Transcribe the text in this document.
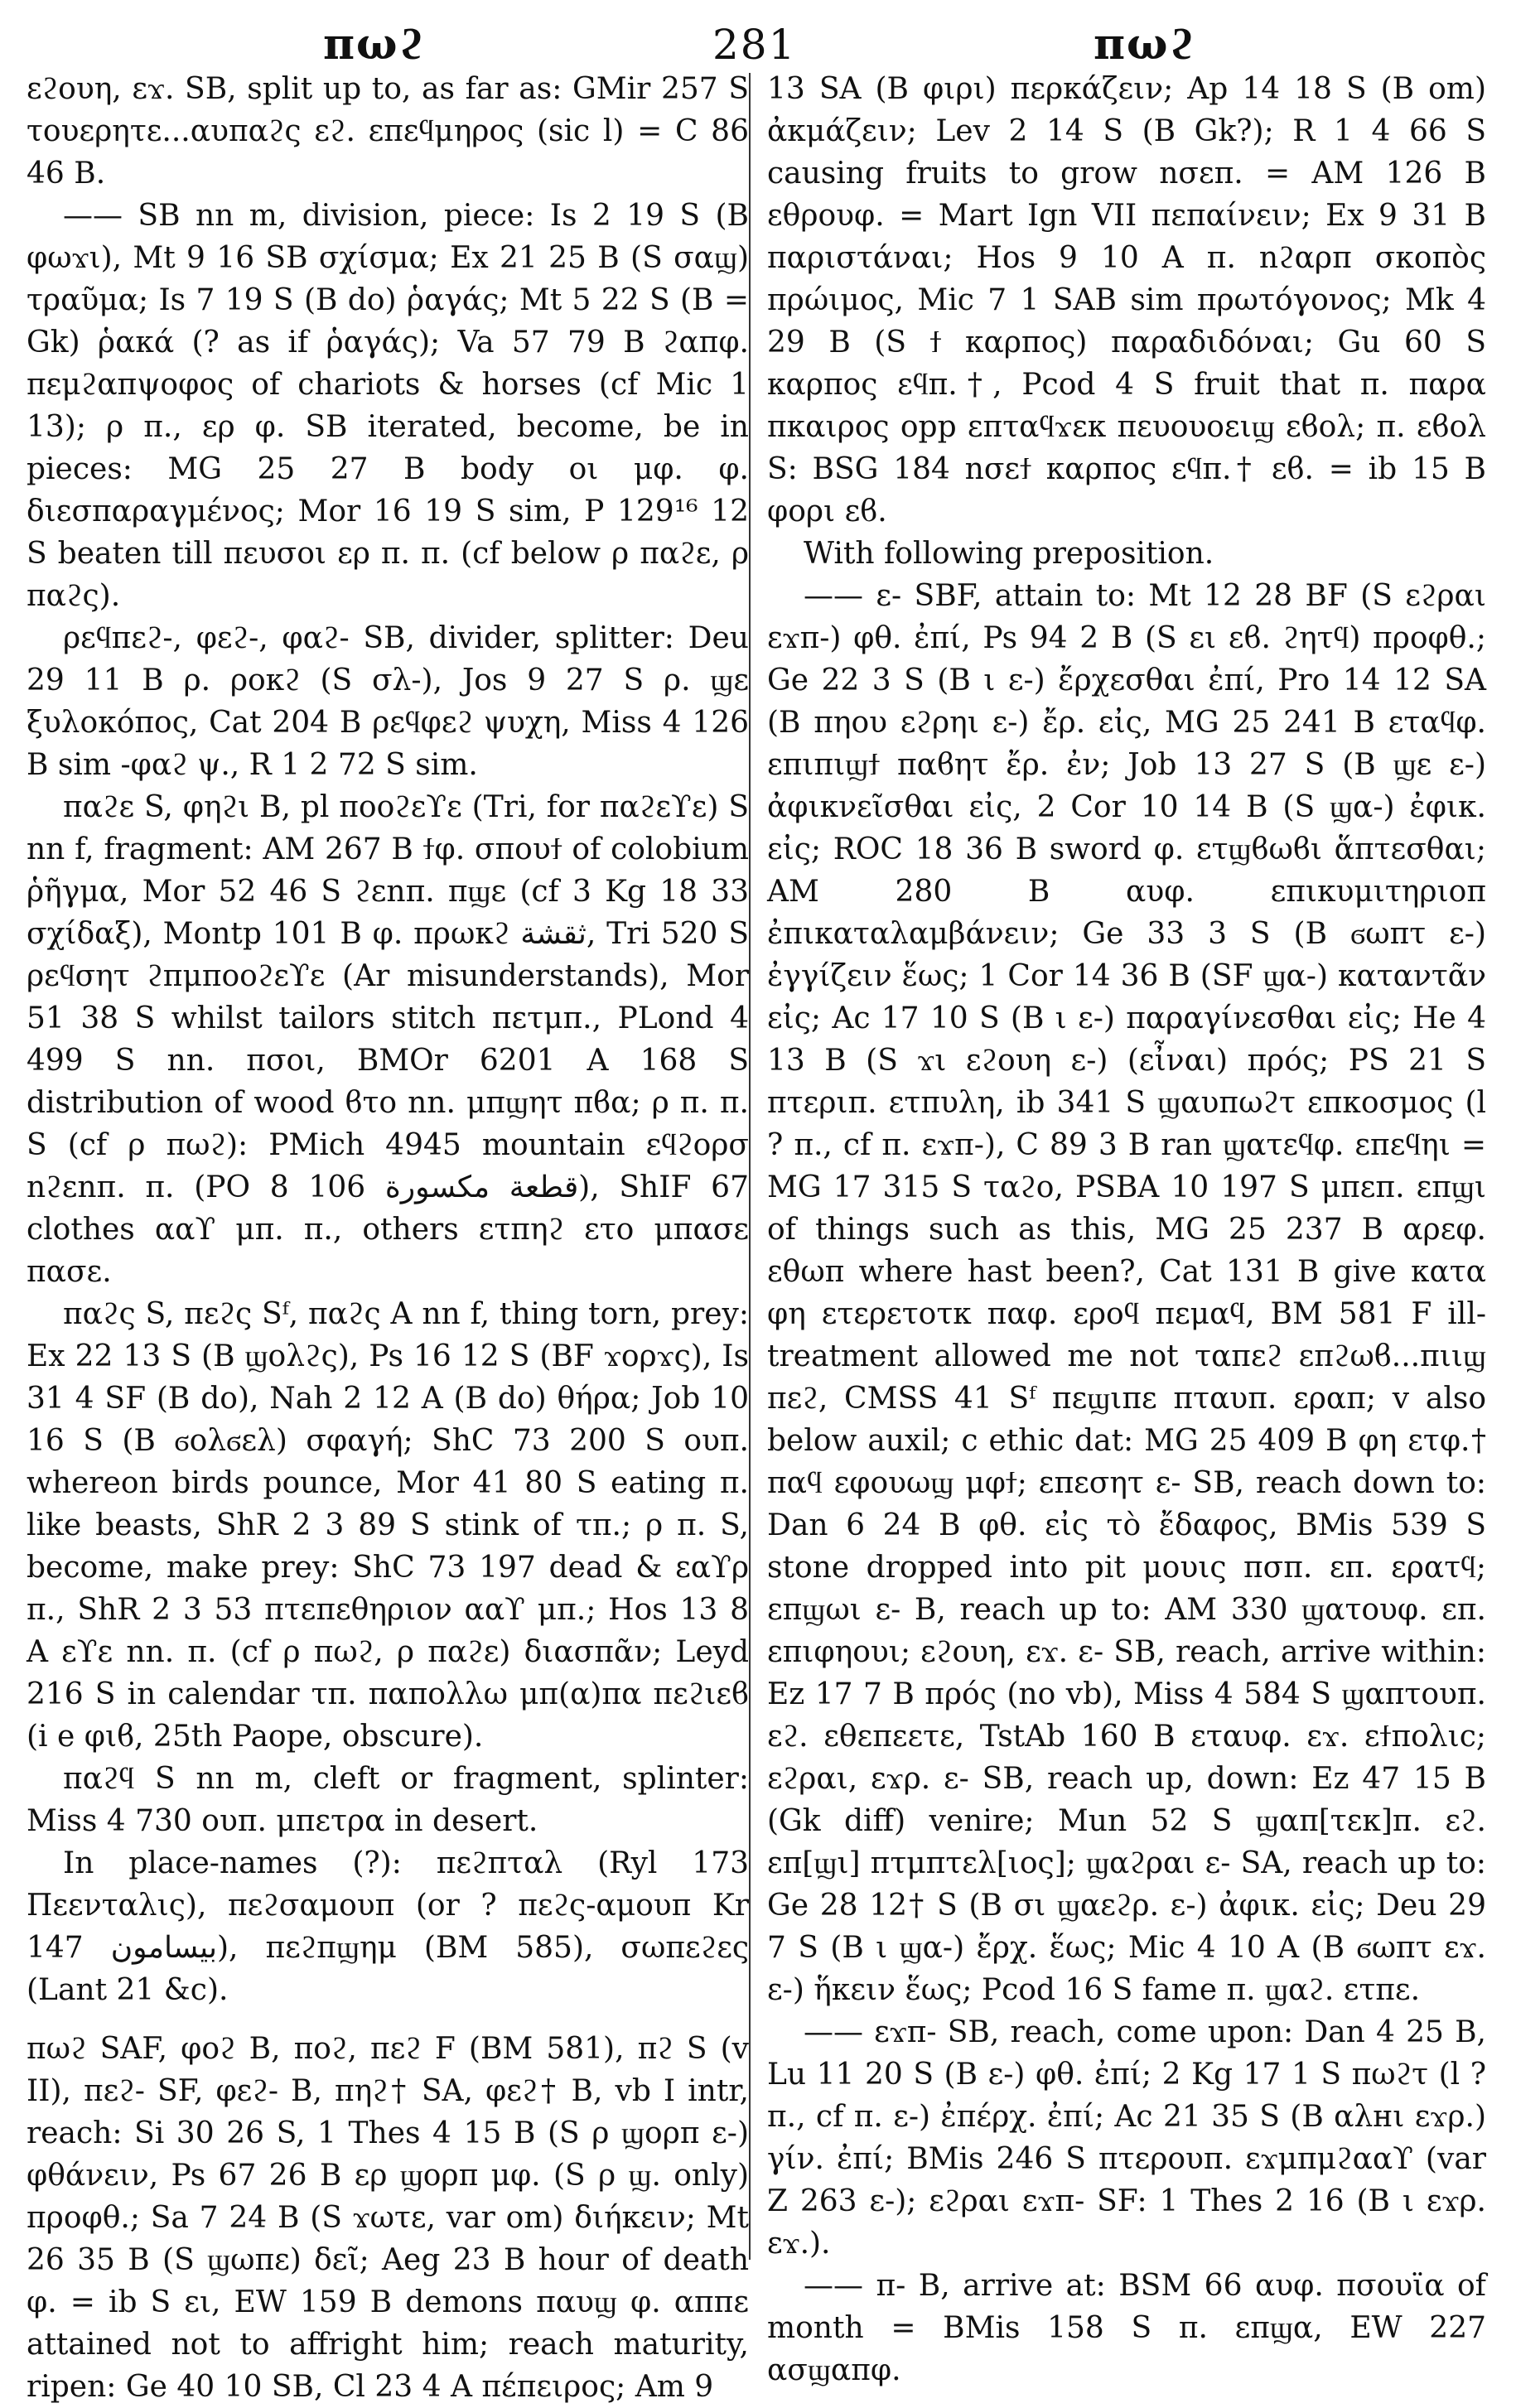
πωϩ	281	πωϩ

εϩουη, εϫ. SB, split up to, as far as: GMir 257 S τουερητε...αυπαϩς εϩ. επεϥμηρος (sic l) = C 86 46 B.

—— SB nn m, division, piece: Is 2 19 S (B φωϫι), Mt 9 16 SB σχίσμα; Ex 21 25 B (S σαϣ) τραῦμα; Is 7 19 S (B do) ῥαγάς; Mt 5 22 S (B = Gk) ῥακά (? as if ῥαγάς); Va 57 79 B ϩαπφ. πεμϩαπψοφος of chariots & horses (cf Mic 1 13); ρ π., ερ φ. SB iterated, become, be in pieces: MG 25 27 B body οι μφ. φ. διεσπαραγμένος; Mor 16 19 S sim, P 129¹⁶ 12 S beaten till πευσοι ερ π. π. (cf below ρ παϩε, ρ παϩς).

ρεϥπεϩ-, φεϩ-, φαϩ- SB, divider, splitter: Deu 29 11 B ρ. ροκϩ (S σλ-), Jos 9 27 S ρ. ϣε ξυλοκόπος, Cat 204 B ρεϥφεϩ ψυχη, Miss 4 126 B sim -φαϩ ψ., R 1 2 72 S sim.

παϩε S, φηϩι B, pl ποοϩεϒε (Tri, for παϩεϒε) S nn f, fragment: AM 267 B ϯφ. σπουϯ of colobium ῥῆγμα, Mor 52 46 S ϩεnπ. πϣε (cf 3 Kg 18 33 σχίδαξ), Montp 101 B φ. πρωκϩ ثقشة, Tri 520 S ρεϥσητ ϩπμποοϩεϒε (Ar misunderstands), Mor 51 38 S whilst tailors stitch πετμπ., PLond 4 499 S nn. πσοι, BMOr 6201 A 168 S distribution of wood ϐτο nn. μπϣητ πϐα; ρ π. π. S (cf ρ πωϩ): PMich 4945 mountain εϥϩορσ nϩεnπ. π. (PO 8 106 قطعة مكسورة), ShIF 67 clothes ααϒ μπ. π., others ετπηϩ ετο μπασε πασε.

παϩς S, πεϩς Sᶠ, παϩς A nn f, thing torn, prey: Ex 22 13 S (B ϣολϩς), Ps 16 12 S (BF ϫορϫς), Is 31 4 SF (B do), Nah 2 12 A (B do) θήρα; Job 10 16 S (B ϭολϭελ) σφαγή; ShC 73 200 S ουπ. whereon birds pounce, Mor 41 80 S eating π. like beasts, ShR 2 3 89 S stink of τπ.; ρ π. S, become, make prey: ShC 73 197 dead & εαϒρ π., ShR 2 3 53 πτεπεθηριον ααϒ μπ.; Hos 13 8 A εϒε nn. π. (cf ρ πωϩ, ρ παϩε) διασπᾶν; Leyd 216 S in calendar τπ. παπολλω μπ(α)πα πεϩιεϐ (i e φιϐ, 25th Paope, obscure).

παϩϥ S nn m, cleft or fragment, splinter: Miss 4 730 ουπ. μπετρα in desert.

In place-names (?): πεϩπταλ (Ryl 173 Πεενταλις), πεϩσαμουπ (or ? πεϩς-αμουπ Kr 147 بيسامون), πεϩπϣημ (BM 585), σωπεϩες (Lant 21 &c).

πωϩ SAF, φοϩ B, ποϩ, πεϩ F (BM 581), πϩ S (v II), πεϩ- SF, φεϩ- B, πηϩ† SA, φεϩ† B, vb I intr, reach: Si 30 26 S, 1 Thes 4 15 B (S ρ ϣορπ ε-) φθάνειν, Ps 67 26 B ερ ϣορπ μφ. (S ρ ϣ. only) προφθ.; Sa 7 24 B (S ϫωτε, var om) διήκειν; Mt 26 35 B (S ϣωπε) δεῖ; Aeg 23 B hour of death φ. = ib S ει, EW 159 B demons παυϣ φ. αππε attained not to affright him; reach maturity, ripen: Ge 40 10 SB, Cl 23 4 A πέπειρος; Am 9

13 SA (B φιρι) περκάζειν; Ap 14 18 S (B om) ἀκμάζειν; Lev 2 14 S (B Gk?); R 1 4 66 S causing fruits to grow nσεπ. = AM 126 B εθρουφ. = Mart Ign VII πεπαίνειν; Ex 9 31 B παριστάναι; Hos 9 10 A π. nϩαρπ σκοπὸς πρώιμος, Mic 7 1 SAB sim πρωτόγονος; Mk 4 29 B (S ϯ καρπος) παραδιδόναι; Gu 60 S καρπος εϥπ.†, Pcod 4 S fruit that π. παρα πκαιρος opp επταϥϫεκ πευουοειϣ εϐολ; π. εϐολ S: BSG 184 nσεϯ καρπος εϥπ.† εϐ. = ib 15 B φορι εϐ.

With following preposition.

—— ε- SBF, attain to: Mt 12 28 BF (S εϩραι εϫπ-) φθ. ἐπί, Ps 94 2 B (S ει εϐ. ϩητϥ) προφθ.; Ge 22 3 S (B ι ε-) ἔρχεσθαι ἐπί, Pro 14 12 SA (B πηου εϩρηι ε-) ἔρ. εἰς, MG 25 241 B εταϥφ. επιπιϣϯ παϐητ ἔρ. ἐν; Job 13 27 S (B ϣε ε-) ἀφικνεῖσθαι εἰς, 2 Cor 10 14 B (S ϣα-) ἐφικ. εἰς; ROC 18 36 B sword φ. ετϣϐωϐι ἅπτεσθαι; AM 280 B αυφ. επικυμιτηριοπ ἐπικαταλαμβάνειν; Ge 33 3 S (B ϭωπτ ε-) ἐγγίζειν ἕως; 1 Cor 14 36 B (SF ϣα-) καταντᾶν εἰς; Ac 17 10 S (B ι ε-) παραγίνεσθαι εἰς; He 4 13 B (S ϫι εϩουη ε-) (εἶναι) πρός; PS 21 S πτεριπ. ετπυλη, ib 341 S ϣαυπωϩτ επκοσμος (l ? π., cf π. εϫπ-), C 89 3 B ran ϣατεϥφ. επεϥηι = MG 17 315 S ταϩο, PSBA 10 197 S μπεπ. επϣι of things such as this, MG 25 237 B αρεφ. εθωπ where hast been?, Cat 131 B give κατα φη ετερετοτκ παφ. εροϥ πεμαϥ, BM 581 F ill-treatment allowed me not ταπεϩ επϩωϐ...πιιϣ πεϩ, CMSS 41 Sᶠ πεϣιπε πταυπ. εραπ; v also below auxil; c ethic dat: MG 25 409 B φη ετφ.† παϥ εφουωϣ μφϯ; επεσητ ε- SB, reach down to: Dan 6 24 B φθ. εἰς τὸ ἔδαφος, BMis 539 S stone dropped into pit μουις πσπ. επ. ερατϥ; επϣωι ε- B, reach up to: AM 330 ϣατουφ. επ. επιφηουι; εϩουη, εϫ. ε- SB, reach, arrive within: Ez 17 7 B πρός (no vb), Miss 4 584 S ϣαπτουπ. εϩ. εθεπεετε, TstAb 160 B εταυφ. εϫ. εϯπολιс; εϩραι, εϫρ. ε- SB, reach up, down: Ez 47 15 B (Gk diff) venire; Mun 52 S ϣαπ[τεκ]π. εϩ. επ[ϣι] πτμπτελ[ιος]; ϣαϩραι ε- SA, reach up to: Ge 28 12† S (B σι ϣαεϩρ. ε-) ἀφικ. εἰς; Deu 29 7 S (B ι ϣα-) ἔρχ. ἕως; Mic 4 10 A (B ϭωπτ εϫ. ε-) ἥκειν ἕως; Pcod 16 S fame π. ϣαϩ. ετπε.

—— εϫπ- SB, reach, come upon: Dan 4 25 B, Lu 11 20 S (B ε-) φθ. ἐπί; 2 Kg 17 1 S πωϩτ (l ? π., cf π. ε-) ἐπέρχ. ἐπί; Ac 21 35 S (B αλнι εϫρ.) γίν. ἐπί; BMis 246 S πτερουπ. εϫμπμϩααϒ (var Z 263 ε-); εϩραι εϫπ- SF: 1 Thes 2 16 (B ι εϫρ. εϫ.).

—— π- B, arrive at: BSM 66 αυφ. πσουϊα of month = BMis 158 S π. επϣα, EW 227 ασϣαπφ.
